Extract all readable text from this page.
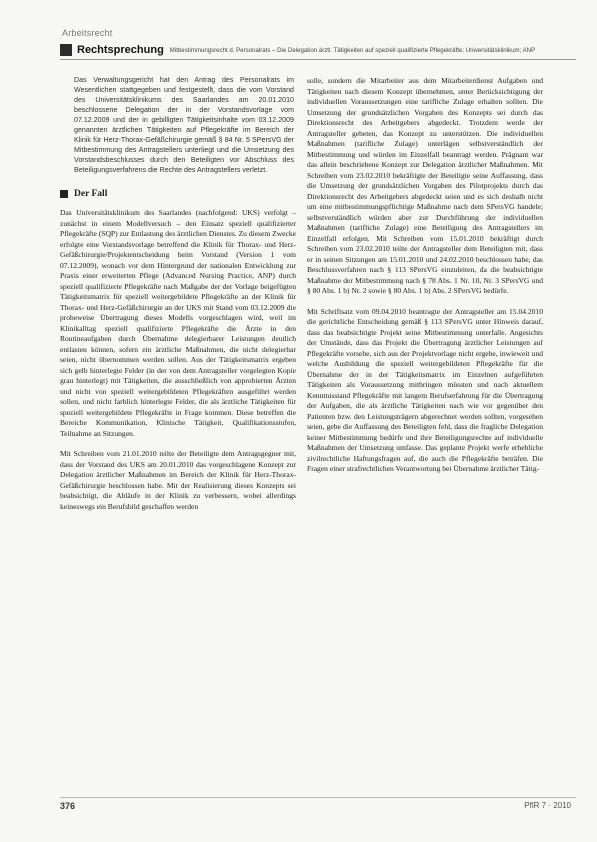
Arbeitsrecht
Rechtsprechung Mitbestimmungsrecht d. Personalrats – Die Delegation ärztl. Tätigkeiten auf speziell qualifizierte Pflegekräfte; Universitätsklinikum; ANP
Das Verwaltungsgericht hat den Antrag des Personalrats im Wesentlichen stattgegeben und festgestellt, dass die vom Vorstand des Universitätsklinikums des Saarlandes am 20.01.2010 beschlossene Delegation der in der Vorstandsvorlage vom 07.12.2009 und der in gebilligten Tätigkeitsinhalte vom 03.12.2009 genannten ärztlichen Tätigkeiten auf Pflegekräfte im Bereich der Klinik für Herz-Thorax-Gefäßchirurgie gemäß § 84 Nr. 5 SPersVG der Mitbestimmung des Antragstellers unterliegt und die Umsetzung des Vorstandsbeschlusses durch den Beteiligten vor Abschluss des Beteiligungsverfahrens die Rechte des Antragstellers verletzt.
Der Fall

Das Universitätsklinikum des Saarlandes (nachfolgend: UKS) verfolgt – zunächst in einem Modellversuch – den Einsatz speziell qualifizierter Pflegekräfte (SQP) zur Entlastung des ärztlichen Dienstes. Zu diesem Zwecke erfolgte eine Vorstandsvorlage betreffend die Klinik für Thorax- und Herz-Gefäßchirurgie/Projektentscheidung beim Vorstand (Version 1 vom 07.12.2009), wonach vor dem Hintergrund der nationalen Entwicklung zur Praxis einer erweiterten Pflege (Advanced Nursing Practice, ANP) durch speziell qualifizierte Pflegekräfte nach Maßgabe der der Vorlage beigefügten Tätigkeitsmatrix für speziell weitergebildete Pflegekräfte an der Klinik für Thorax- und Herz-Gefäßchirurgie an der UKS mit Stand vom 03.12.2009 die probeweise Übertragung dieses Modells vorgeschlagen wird, weil im Klinikalltag speziell qualifizierte Pflegekräfte die Ärzte in den Routineaufgaben durch Übernahme delegierbarer Leistungen deutlich entlasten können, sofern ein ärztliche Maßnahmen, die nicht delegierbar seien, nicht übernommen werden sollen. Aus der Tätigkeitsmatrix ergeben sich gelb hinterlegte Felder (in der von dem Antragsteller vorgelegten Kopie grau hinterlegt) mit Tätigkeiten, die ausschließlich von approbierten Ärzten und nicht von speziell weitergebildeten Pflegekräften ausgeführt werden sollen, und nicht farblich hinterlegte Felder, die als ärztliche Tätigkeiten für speziell weitergebildete Pflegekräfte in Frage kommen. Diese betreffen die Bereiche Kommunikation, Klinische Tätigkeit, Qualifikationsstufen, Teilnahme an Sitzungen.

Mit Schreiben vom 21.01.2010 teilte der Beteiligte dem Antragsgegner mit, dass der Vorstand des UKS am 20.01.2010 das vorgeschlagene Konzept zur Delegation ärztlicher Maßnahmen im Bereich der Klinik für Herz-Thorax-Gefäßchirurgie beschlossen habe. Mit der Realisierung dieses Konzepts sei beabsichtigt, die Abläufe in der Klinik zu verbessern, wobei allerdings keineswegs ein Berufsbild geschaffen werden

solle, sondern die Mitarbeiter aus dem Mitarbeiterdienst Aufgaben und Tätigkeiten nach diesem Konzept übernehmen, unter Berücksichtigung der individuellen Voraussetzungen eine tarifliche Zulage erhalten sollten. Die Umsetzung der grundsätzlichen Vorgaben des Konzepts sei durch das Direktionsrecht des Arbeitgebers abgedeckt. Trotzdem werde der Antragsteller gebeten, das Konzept zu unterstützen. Die individuellen Maßnahmen (tarifliche Zulage) unterlägen selbstverständlich der Mitbestimmung und würden im Einzelfall beantragt werden. Prägnant war das allein beschriebene Konzept zur Delegation ärztlicher Maßnahmen. Mit Schreiben vom 23.02.2010 bekräftigte der Beteiligte seine Auffassung, dass die Umsetzung der grundsätzlichen Vorgaben des Pilotprojekts durch das Direktionsrecht des Arbeitgebers abgedeckt seien und es sich deshalb nicht um eine mitbestimmungspflichtige Maßnahme nach dem SPersVG handele; selbstverständlich würden aber zur Durchführung der individuellen Maßnahmen (tarifliche Zulage) eine Beteiligung des Antragstellers im Einzelfall erfolgen. Mit Schreiben vom 15.01.2010 bekräftigt durch Schreiben vom 23.02.2010 teilte der Antragsteller dem Beteiligten mit, dass er in seinen Sitzungen am 15.01.2010 und 24.02.2010 beschlossen habe, das Beschlussverfahren nach § 113 SPersVG einzuleiten, da die beabsichtigte Maßnahme der Mitbestimmung nach § 78 Abs. 1 Nr. 10, Nr. 3 SPersVG und § 80 Abs. 1 b) Nr. 2 sowie § 80 Abs. 1 b) Abs. 2 SPersVG bedürfe.

Mit Schriftsatz vom 09.04.2010 beantragte der Antragsteller am 15.04.2010 die gerichtliche Entscheidung gemäß § 113 SPersVG unter Hinweis darauf, dass das beabsichtigte Projekt seine Mitbestimmung unterfalle. Angesichts der Umstände, dass das Projekt die Übertragung ärztlicher Leistungen auf Pflegekräfte vorsehe, sich aus der Projektvorlage nicht ergebe, inwieweit und welche Ausbildung die speziell weitergebildeten Pflegekräfte für die Übernahme der in der Tätigkeitsmatrix im Einzelnen aufgeführten Tätigkeiten als Voraussetzung mitbringen müssten und nach aktuellem Kenntnisstand Pflegekräfte mit langem Berufserfahrung für die Übertragung der Aufgaben, die als ärztliche Tätigkeiten nach wie vor gegenüber den Patienten bzw. den Leistungsträgern abgerechnet werden sollten, vorgesehen seien, gebe die Auffassung des Beteiligten fehl, dass die fragliche Delegation keiner Mitbestimmung bedürfe und ihre Beteiligungsrechte auf individuelle Maßnahmen der Umsetzung umfasse. Das geplante Projekt werfe erhebliche zivilrechtliche Haftungsfragen auf, die auch die Pflegekräfte beträfen. Die Fragen einer strafrechtlichen Verantwortung bei Übernahme ärztlicher Tätig-

376	PflR 7 · 2010
